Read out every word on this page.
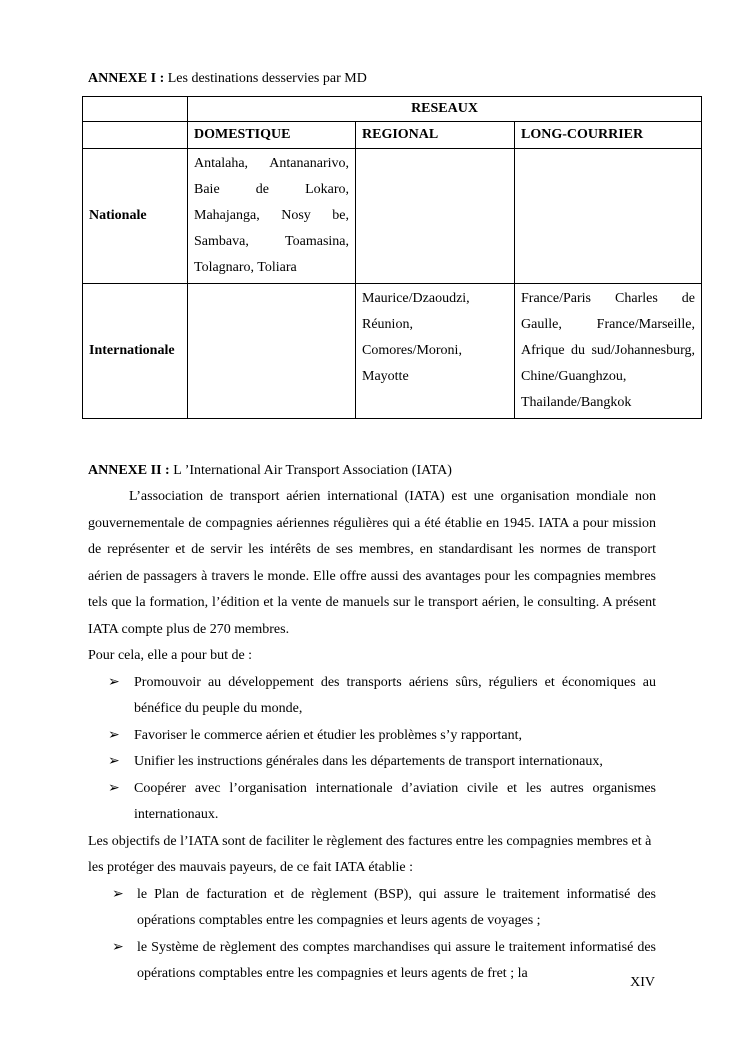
ANNEXE I : Les destinations desservies par MD
	RESEAUX		
	DOMESTIQUE	REGIONAL	LONG-COURRIER
Nationale	Antalaha, Antananarivo, Baie de Lokaro, Mahajanga, Nosy be, Sambava, Toamasina, Tolagnaro, Toliara		
Internationale		Maurice/Dzaoudzi, Réunion, Comores/Moroni, Mayotte	France/Paris Charles de Gaulle, France/Marseille, Afrique du sud/Johannesburg, Chine/Guanghzou, Thailande/Bangkok
ANNEXE II : L ’International Air Transport Association (IATA)
L’association de transport aérien international (IATA) est une organisation mondiale non gouvernementale de compagnies aériennes régulières qui a été établie en 1945. IATA a pour mission de représenter et de servir les intérêts de ses membres, en standardisant les normes de transport aérien de passagers à travers le monde. Elle offre aussi des avantages pour les compagnies membres tels que la formation, l’édition et la vente de manuels sur le transport aérien, le consulting. A présent IATA compte plus de 270 membres.
Pour cela, elle a pour but de :
➢ Promouvoir au développement des transports aériens sûrs, réguliers et économiques au bénéfice du peuple du monde,
➢ Favoriser le commerce aérien et étudier les problèmes s’y rapportant,
➢ Unifier les instructions générales dans les départements de transport internationaux,
➢ Coopérer avec l’organisation internationale d’aviation civile et les autres organismes internationaux.
Les objectifs de l’IATA sont de faciliter le règlement des factures entre les compagnies membres et à les protéger des mauvais payeurs, de ce fait IATA établie :
➢ le Plan de facturation et de règlement (BSP), qui assure le traitement informatisé des opérations comptables entre les compagnies et leurs agents de voyages ;
➢ le Système de règlement des comptes marchandises qui assure le traitement informatisé des opérations comptables entre les compagnies et leurs agents de fret ; la
XIV
